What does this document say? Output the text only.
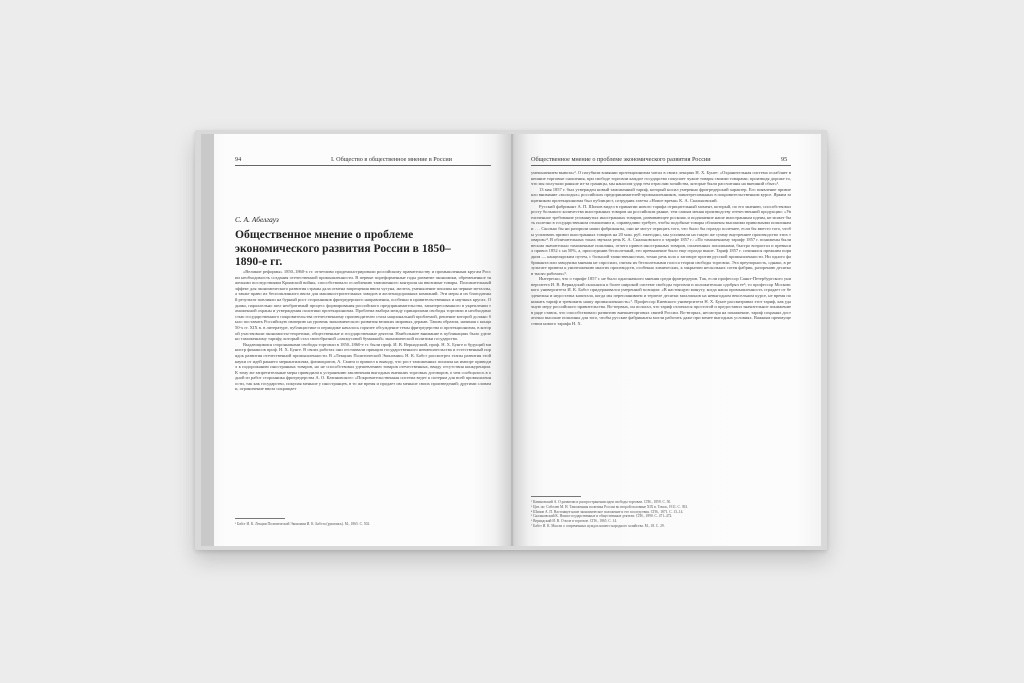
94	I. Общество в общественное мнение в России
С. А. Абелгауз
Общественное мнение о проблеме экономического развития России в 1850–1890-е гг.

«Великие реформы» 1850–1860-х гг. отчетливо продемонстрировали российскому правительству и промышленным кругам России необходимость создания отечественной промышленности. В первые пореформенные годы развитие экономики, обремененное тяжелыми последствиями Крымской войны, способствовало ослаблению таможенного контроля на ввозимые товары. Положительный эффект для экономического развития страны дала отмена запрещения ввоза чугуна, железа, уменьшение пошлин на черные металлы, а также право их беспошлинного ввоза для машиностроительных заводов и железнодорожных компаний. Эти меры и их благодатный результат повлияли на бурный рост сторонников фритредерского направления, особенно в правительственных и научных кругах. Однако, параллельно шел необратимый процесс формирования российского предпринимательства, заинтересованного в укреплении таможенной охраны и утверждения политики протекционизма. Проблема выбора между принципами свободы торговли и необходимостью государственного покровительства отечественному производителю стала национальной проблемой, решение которой должно было поставить Российскую империю на уровень экономического развития великих мировых держав. Таким образом, начиная с конца 50-х гг. XIX в. в литературе, публицистике и периодике началось горячее обсуждение темы фритредерства и протекционизма, в которой участвовали экономисты-теоретики, общественные и государственные деятели. Наибольшее внимание в публикациях было уделено таможенному тарифу, который стал своеобразной «лакмусовой бумажкой» экономической политики государства.

Выдающимися сторонниками свободы торговли в 1850–1860-е гг. были проф. И. В. Вернадский, проф. Н. Х. Бунге и будущий министр финансов проф. Н. Х. Бунге. В своих работах они отстаивали принцип государственного невмешательства и естественный порядок развития отечественной промышленности. В «Лекциях Политической Экономии» Н. К. Бабст рассмотрел этапы развития этой науки от идей раннего меркантилизма, физиократов, А. Смита и пришел к выводу, что рост таможенных пошлин на импорт приводил к подорожанию иностранных товаров, но не способствовал удешевлению товаров отечественных, ввиду отсутствия конкуренции. К тому же запретительные меры приводили к устранению заключения выгодных внешних торговых договоров, о чем сообщалось в одной из работ сторонника фритредерства А. О. Казиновского: «Покровительственная система ведет к потерям для всей промышленности, так как государство, покупая меньше у иностранцев, в то же время и продает им меньше своих произведений; другими словами, ограничение ввоза сокращает

¹ Бабст И. К. Лекции Политической Экономии И. К. Бабста (рукопись). М., 1865. С. 502.
Общественное мнение о проблеме экономического развития России	95

уменьшением вывоза»². О пагубном влиянии протекционизма читал в своих лекциях Н. Х. Бунге: «Охранительная система ослабляет внешние торговые сношения, при свободе торговли каждое государство покупает чужие товары своими товарами; производя дороже то, что мы получали раньше из-за границы, мы наносим удар тем отраслям хозяйства, которые были рассчитаны на внешний сбыт»³.

13 мая 1857 г. был утвержден новый таможенный тариф, который носил умеренно фритредерский характер. Его появление привлекло внимание «молодых» российских предпринимателей-промышленников, заинтересованных в покровительственном курсе. Ярким защитником протекционизма был публицист, сотрудник газеты «Новое время» К. А. Скальковский.

Русский фабрикант А. П. Шипов видел в принятии нового тарифа отрицательный момент, который, по его мнению, способствовал росту большого количества иностранных товаров на российском рынке, тем самым меняя производству отечественной продукции: «Увеличенное требование упомянутых иностранных товаров, развивающее роскошь и подчинение наше иностранным идеям, не может быть полезно в государственном отношении и, справедливо требует, чтобы подобные товары обложены высокими привозными пошлинами . . . Сколько бы ни разорили наши фабриканты, они не могут отрицать того, что было бы гораздо полезнее, если бы вместо того, чтобы усиливать привоз иностранных товаров на 20 млн. руб. ежегодно, мы усиливали на такую же сумму внутреннее производство этих товаров»⁴. В обличительных тонах звучала речь К. А. Скальковского о тарифе 1857 г.: «По таможенному тарифу 1857 г. понижены были весьма значительно таможенные пошлины, отчего привоз иностранных товаров, оплаченных пошлинами, быстро возрастал и превысил привоз 1852 г. на 50%, а, присоединив бесполезный, это превышение было еще гораздо выше. Тариф 1857 г. сочинялся прежним порядком — канцелярским путем, с большой таинственностью, точно речь шла о заговоре против русской промышленности. Ни одного фабриканта или заводчика мнения не спросили, считая их бесполезными голоса теории свободы торговли. Эта преупорность, однако, в результате привела к уничтожению многих производств, особенно химических, к закрытию нескольких сотен фабрик, разорению десятков тысяч рабочих»⁵.

Интересно, что о тарифе 1857 г. не было однозначного мнения среди фритредеров. Так, если профессор Санкт-Петербургского университета И. В. Вернадский склонялся к более широкой системе свободы торговли и положительно одобрял ее⁶, то профессор Московского университета И. К. Бабст придерживался умеренной позиции: «В настоящую минуту, когда наша промышленность страдает от безденежья и недостатка капитала, когда мы перепланиваем и терпеле десятки миллионов на невыгодном вексельном курсе, не время понижать тариф и тревожить нашу промышленность»⁷. Профессор Киевского университета Н. Х. Бунге рассматривал этот тариф, как удачную меру российского правительства. Во-первых, он полагал, что тариф отличался простотой и предоставил значительное понижение в ряде ставок, что способствовало развитию внешнеторговых связей России. Во-вторых, несмотря на понижение, тариф сохранял достаточно высокие пошлины для того, чтобы русские фабриканты могли работать даже при менее выгодных условиях. Важным преимуществом нового тарифа Н. Х.

² Казиновский А. О развитии и распространении идеи свободы торговли. СПб., 1859. С. 50.
³ Цит. по: Соболев М. Н. Таможенная политика России во второй половине XIX в. Томск, 1911. С. 392.
⁴ Шипов А. П. Настоящее наше экономическое положение и его последствия. СПб., 1871. С. 13–14.
⁵ Скальковский К. Наши государственные и общественные деятели. СПб., 1890. С. 471–472.
⁶ Вернадский И. В. О воле в торговле. СПб., 1865. С. 14.
⁷ Бабст И. К. Мысли о современных нуждах нашего народного хозяйства. М., 18. С. 29.
